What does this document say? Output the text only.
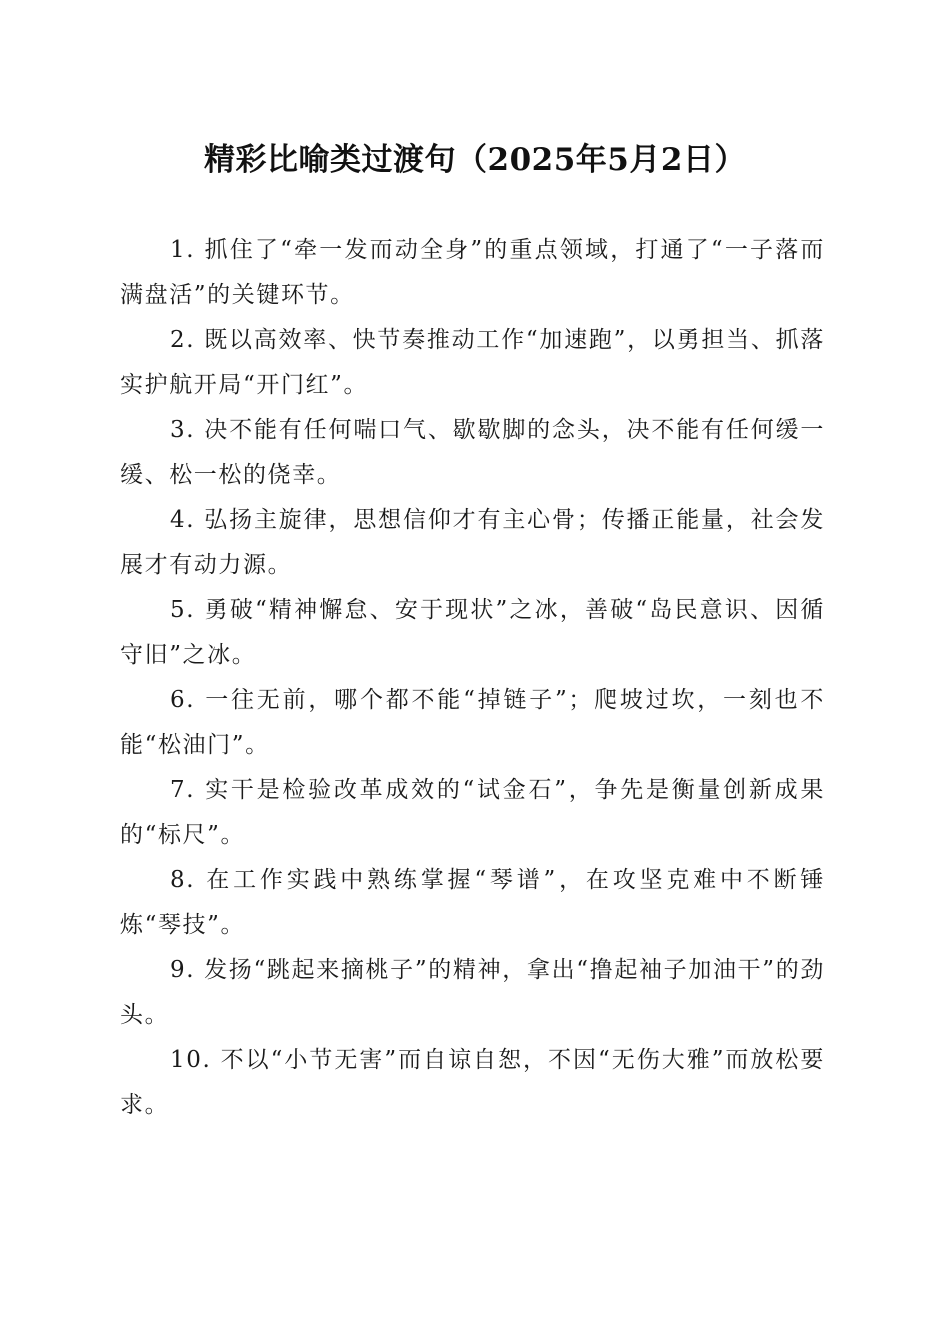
精彩比喻类过渡句（2025年5月2日）

1. 抓住了“牵一发而动全身”的重点领域，打通了“一子落而满盘活”的关键环节。

2. 既以高效率、快节奏推动工作“加速跑”，以勇担当、抓落实护航开局“开门红”。

3. 决不能有任何喘口气、歇歇脚的念头，决不能有任何缓一缓、松一松的侥幸。

4. 弘扬主旋律，思想信仰才有主心骨；传播正能量，社会发展才有动力源。

5. 勇破“精神懈怠、安于现状”之冰，善破“岛民意识、因循守旧”之冰。

6. 一往无前，哪个都不能“掉链子”；爬坡过坎，一刻也不能“松油门”。

7. 实干是检验改革成效的“试金石”，争先是衡量创新成果的“标尺”。

8. 在工作实践中熟练掌握“琴谱”，在攻坚克难中不断锤炼“琴技”。

9. 发扬“跳起来摘桃子”的精神，拿出“撸起袖子加油干”的劲头。

10. 不以“小节无害”而自谅自恕，不因“无伤大雅”而放松要求。
